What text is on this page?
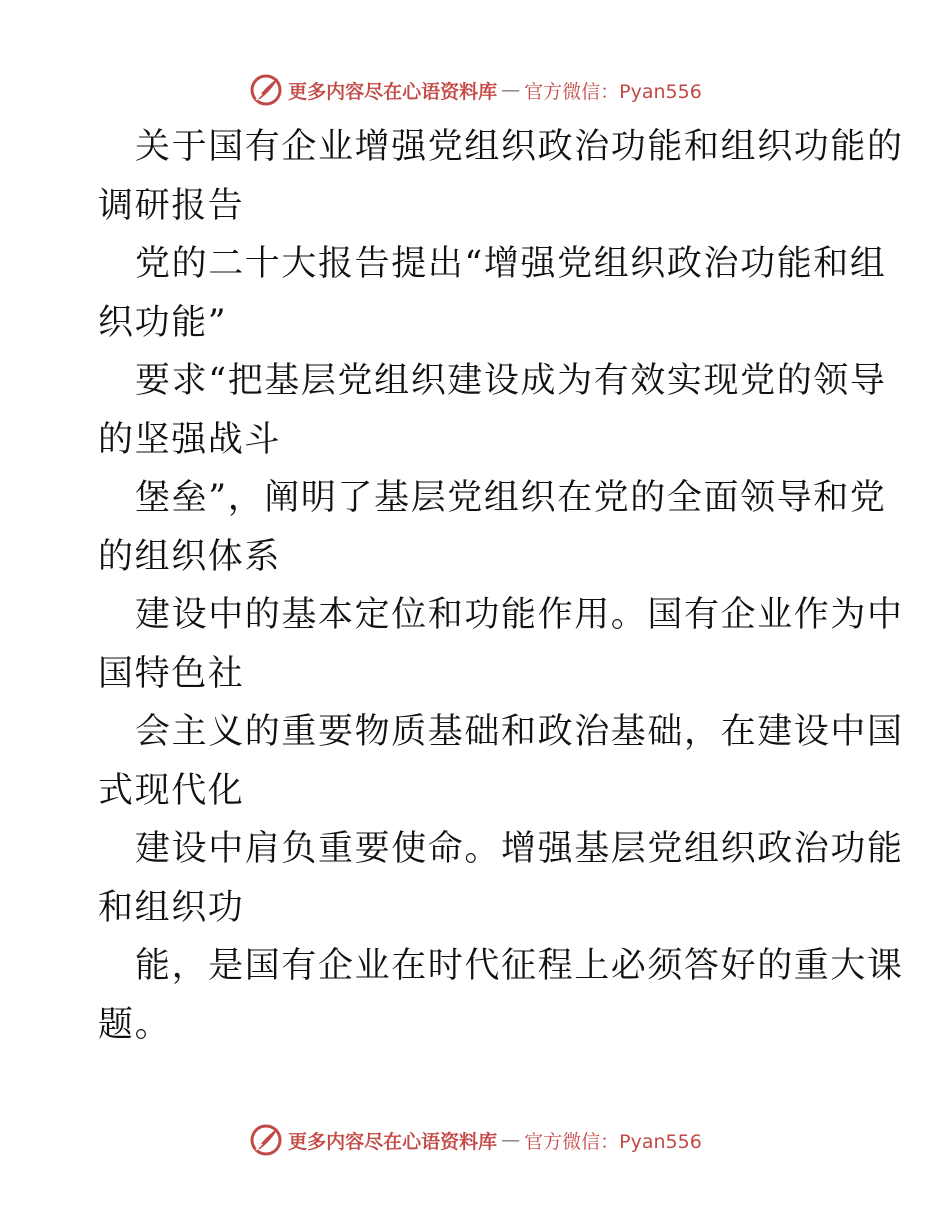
更多内容尽在心语资料库 — 官方微信：Pyan556
关于国有企业增强党组织政治功能和组织功能的
调研报告
党的二十大报告提出“增强党组织政治功能和组
织功能”
要求“把基层党组织建设成为有效实现党的领导
的坚强战斗
堡垒”，阐明了基层党组织在党的全面领导和党
的组织体系
建设中的基本定位和功能作用。国有企业作为中
国特色社
会主义的重要物质基础和政治基础，在建设中国
式现代化
建设中肩负重要使命。增强基层党组织政治功能
和组织功
能，是国有企业在时代征程上必须答好的重大课
题。
更多内容尽在心语资料库 — 官方微信：Pyan556
